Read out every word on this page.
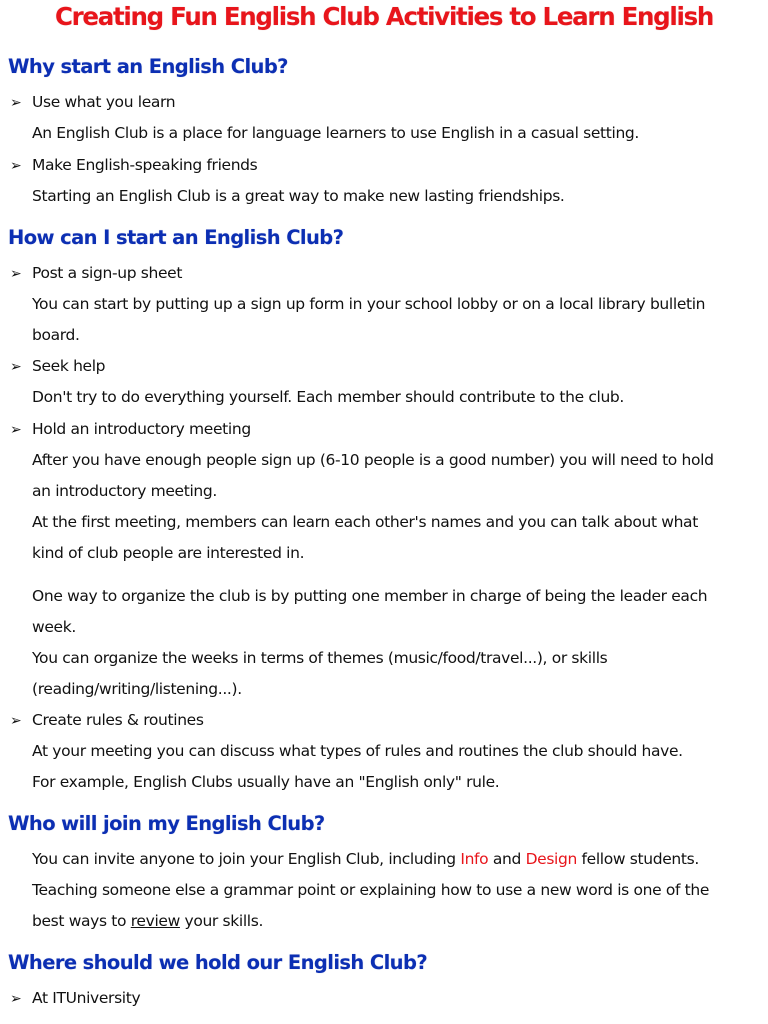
Creating Fun English Club Activities to Learn English
Why start an English Club?
➢ Use what you learn
An English Club is a place for language learners to use English in a casual setting.
➢ Make English-speaking friends
Starting an English Club is a great way to make new lasting friendships.
How can I start an English Club?
➢ Post a sign-up sheet
You can start by putting up a sign up form in your school lobby or on a local library bulletin
board.
➢ Seek help
Don't try to do everything yourself. Each member should contribute to the club.
➢ Hold an introductory meeting
After you have enough people sign up (6-10 people is a good number) you will need to hold
an introductory meeting.
At the first meeting, members can learn each other's names and you can talk about what
kind of club people are interested in.
One way to organize the club is by putting one member in charge of being the leader each
week.
You can organize the weeks in terms of themes (music/food/travel...), or skills
(reading/writing/listening...).
➢ Create rules & routines
At your meeting you can discuss what types of rules and routines the club should have.
For example, English Clubs usually have an "English only" rule.
Who will join my English Club?
You can invite anyone to join your English Club, including Info and Design fellow students.
Teaching someone else a grammar point or explaining how to use a new word is one of the
best ways to review your skills.
Where should we hold our English Club?
➢ At ITUniversity
